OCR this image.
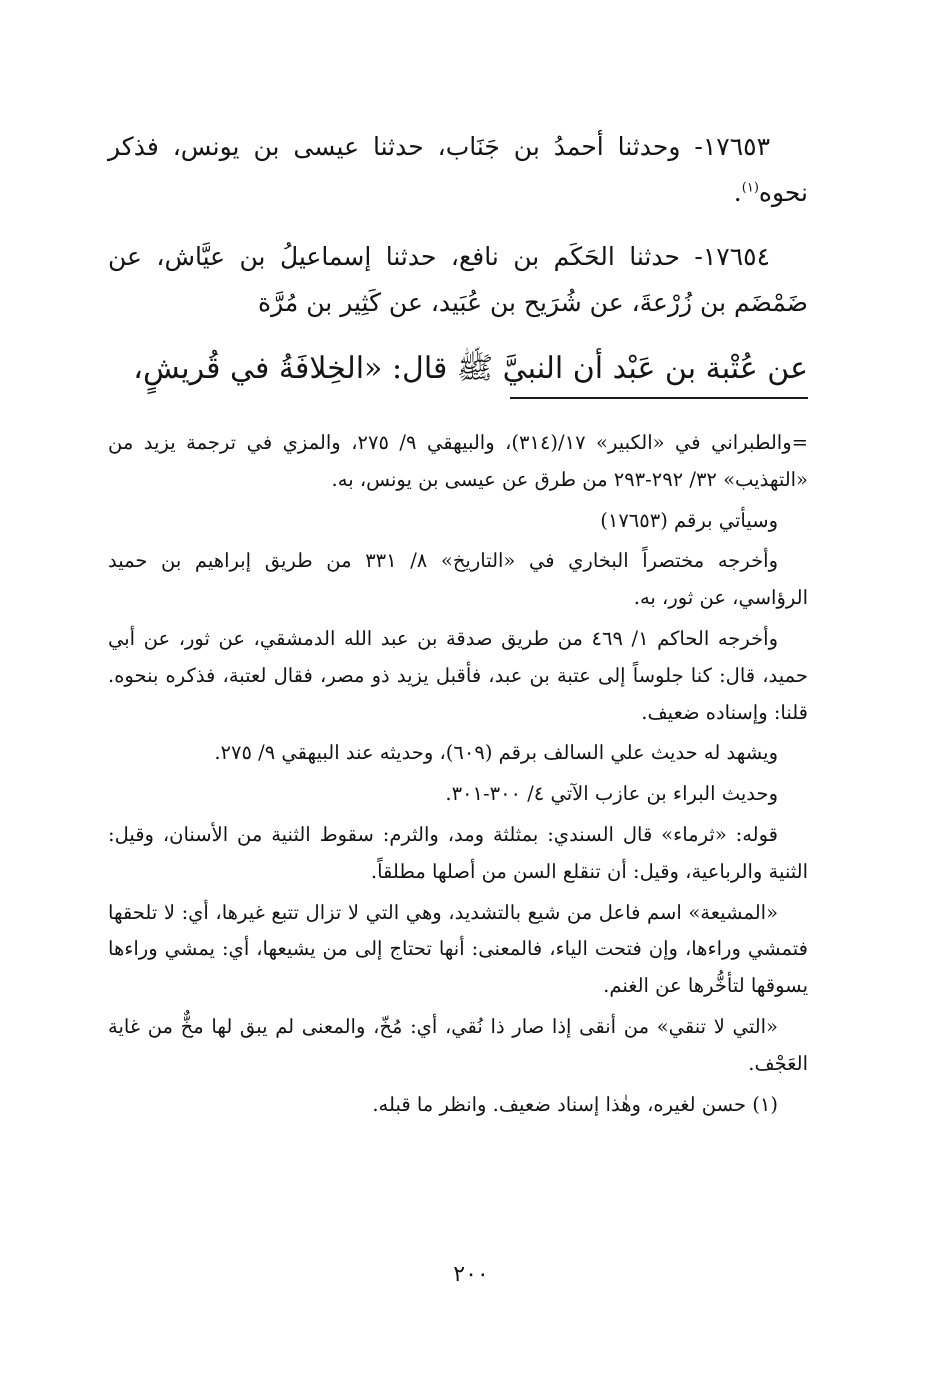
١٧٦٥٣- وحدثنا أحمدُ بن جَنَاب، حدثنا عيسى بن يونس، فذكر نحوه$^{(١)}$.

١٧٦٥٤- حدثنا الحَكَم بن نافع، حدثنا إسماعيلُ بن عيَّاش، عن ضَمْضَم بن زُرْعةَ، عن شُرَيح بن عُبَيد، عن كَثِير بن مُرَّة

عن عُتْبة بن عَبْد أن النبيَّ ﷺ قال: «الخِلافَةُ في قُريشٍ،

=والطبراني في «الكبير» ١٧/(٣١٤)، والبيهقي ٩/ ٢٧٥، والمزي في ترجمة يزيد من «التهذيب» ٣٢/ ٢٩٢-٢٩٣ من طرق عن عيسى بن يونس، به.

وسيأتي برقم (١٧٦٥٣)

وأخرجه مختصراً البخاري في «التاريخ» ٨/ ٣٣١ من طريق إبراهيم بن حميد الرؤاسي، عن ثور، به.

وأخرجه الحاكم ١/ ٤٦٩ من طريق صدقة بن عبد الله الدمشقي، عن ثور، عن أبي حميد، قال: كنا جلوساً إلى عتبة بن عبد، فأقبل يزيد ذو مصر، فقال لعتبة، فذكره بنحوه. قلنا: وإسناده ضعيف.

ويشهد له حديث علي السالف برقم (٦٠٩)، وحديثه عند البيهقي ٩/ ٢٧٥.

وحديث البراء بن عازب الآتي ٤/ ٣٠٠-٣٠١.

قوله: «ثرماء» قال السندي: بمثلثة ومد، والثرم: سقوط الثنية من الأسنان، وقيل: الثنية والرباعية، وقيل: أن تنقلع السن من أصلها مطلقاً.

«المشيعة» اسم فاعل من شيع بالتشديد، وهي التي لا تزال تتبع غيرها، أي: لا تلحقها فتمشي وراءها، وإن فتحت الياء، فالمعنى: أنها تحتاج إلى من يشيعها، أي: يمشي وراءها يسوقها لتأخُّرها عن الغنم.

«التي لا تنقي» من أنقى إذا صار ذا نُقي، أي: مُخّ، والمعنى لم يبق لها مخٌّ من غاية العَجْف.

(١) حسن لغيره، وهٰذا إسناد ضعيف. وانظر ما قبله.

٢٠٠
